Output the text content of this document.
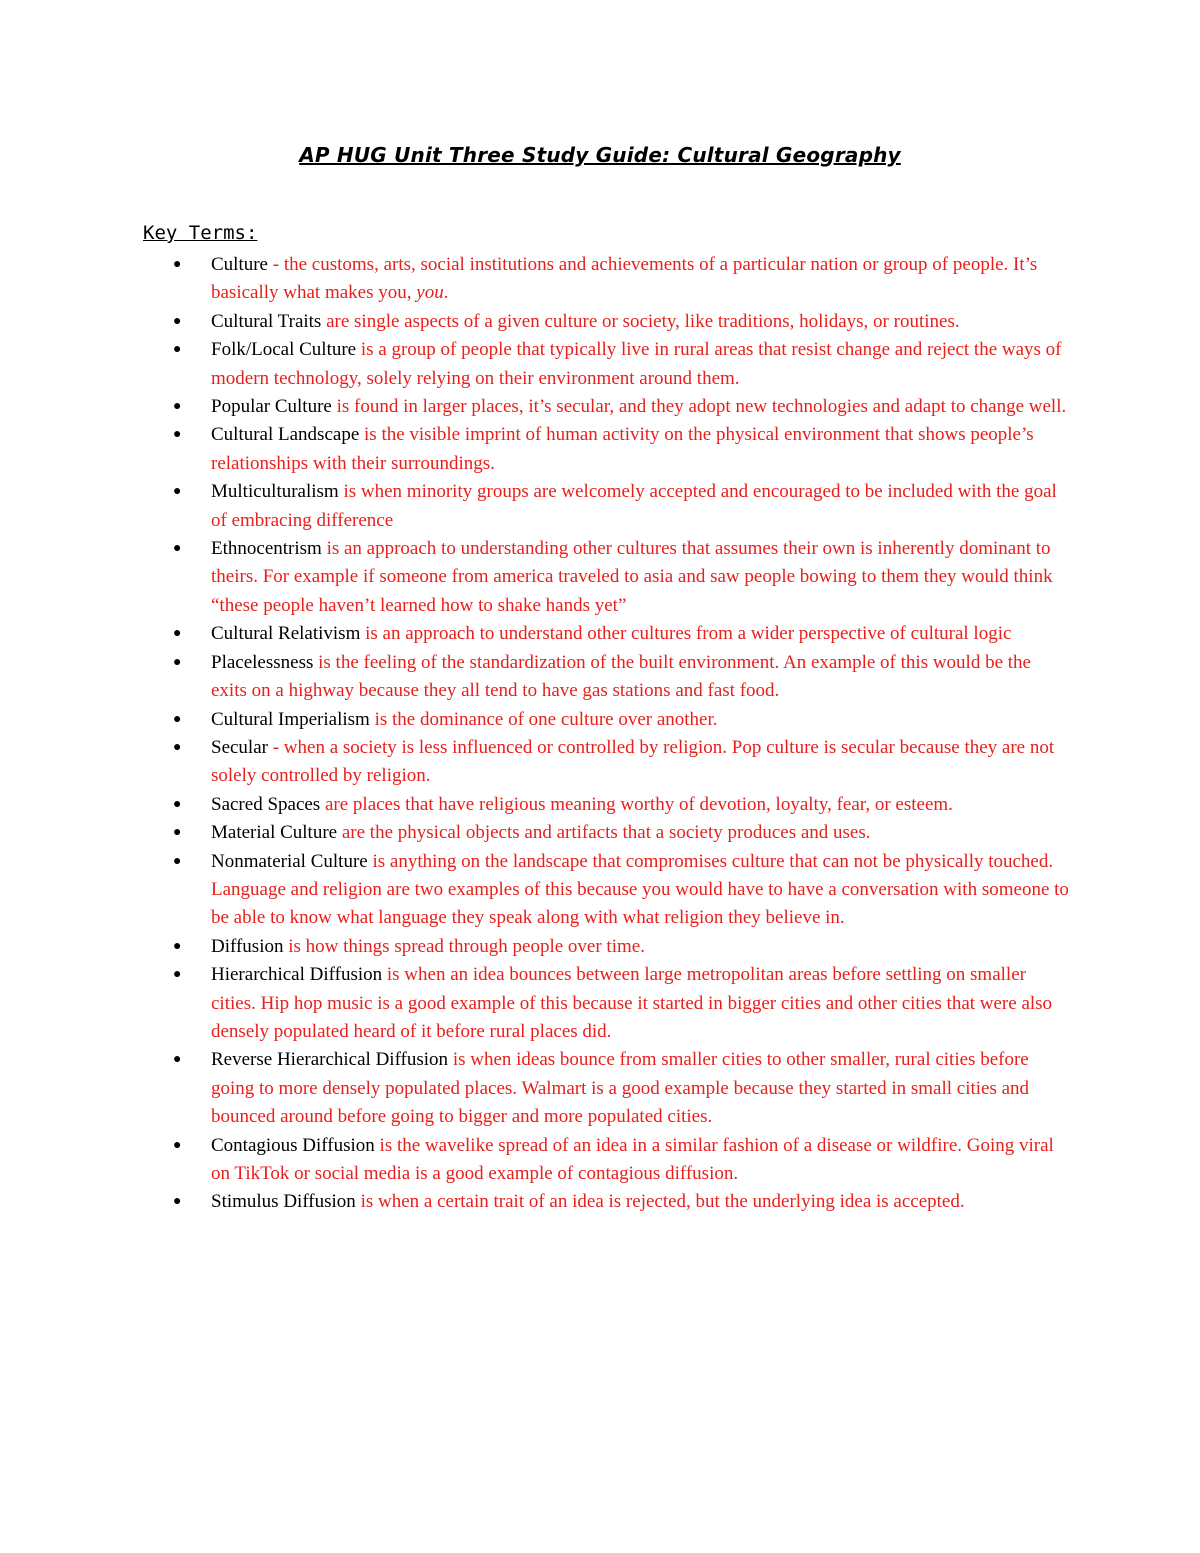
AP HUG Unit Three Study Guide: Cultural Geography
Key Terms:
● Culture - the customs, arts, social institutions and achievements of a particular nation or group of people. It’s basically what makes you, you.
● Cultural Traits are single aspects of a given culture or society, like traditions, holidays, or routines.
● Folk/Local Culture is a group of people that typically live in rural areas that resist change and reject the ways of modern technology, solely relying on their environment around them.
● Popular Culture is found in larger places, it’s secular, and they adopt new technologies and adapt to change well.
● Cultural Landscape is the visible imprint of human activity on the physical environment that shows people’s relationships with their surroundings.
● Multiculturalism is when minority groups are welcomely accepted and encouraged to be included with the goal of embracing difference
● Ethnocentrism is an approach to understanding other cultures that assumes their own is inherently dominant to theirs. For example if someone from america traveled to asia and saw people bowing to them they would think “these people haven’t learned how to shake hands yet”
● Cultural Relativism is an approach to understand other cultures from a wider perspective of cultural logic
● Placelessness is the feeling of the standardization of the built environment. An example of this would be the exits on a highway because they all tend to have gas stations and fast food.
● Cultural Imperialism is the dominance of one culture over another.
● Secular - when a society is less influenced or controlled by religion. Pop culture is secular because they are not solely controlled by religion.
● Sacred Spaces are places that have religious meaning worthy of devotion, loyalty, fear, or esteem.
● Material Culture are the physical objects and artifacts that a society produces and uses.
● Nonmaterial Culture is anything on the landscape that compromises culture that can not be physically touched. Language and religion are two examples of this because you would have to have a conversation with someone to be able to know what language they speak along with what religion they believe in.
● Diffusion is how things spread through people over time.
● Hierarchical Diffusion is when an idea bounces between large metropolitan areas before settling on smaller cities. Hip hop music is a good example of this because it started in bigger cities and other cities that were also densely populated heard of it before rural places did.
● Reverse Hierarchical Diffusion is when ideas bounce from smaller cities to other smaller, rural cities before going to more densely populated places. Walmart is a good example because they started in small cities and bounced around before going to bigger and more populated cities.
● Contagious Diffusion is the wavelike spread of an idea in a similar fashion of a disease or wildfire. Going viral on TikTok or social media is a good example of contagious diffusion.
● Stimulus Diffusion is when a certain trait of an idea is rejected, but the underlying idea is accepted.
